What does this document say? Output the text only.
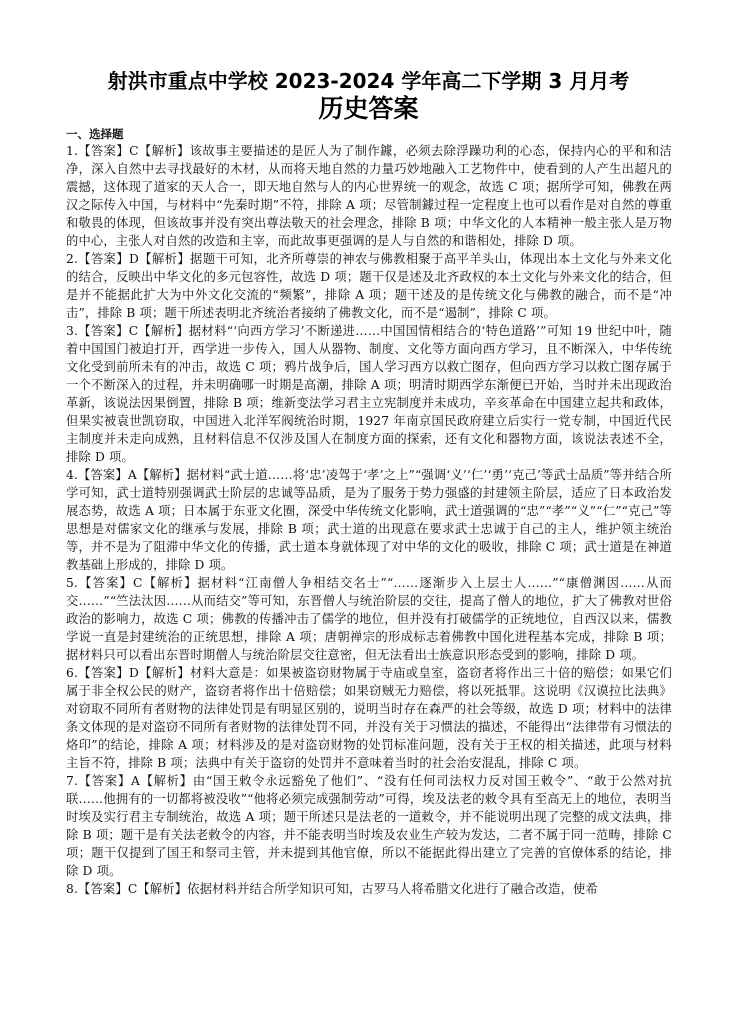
射洪市重点中学校 2023-2024 学年高二下学期 3 月月考
历史答案
一、选择题

1.【答案】C【解析】该故事主要描述的是匠人为了制作鐻，必须去除浮躁功利的心态，保持内心的平和和洁净，深入自然中去寻找最好的木材，从而将天地自然的力量巧妙地融入工艺物件中，使看到的人产生出超凡的震撼，这体现了道家的天人合一，即天地自然与人的内心世界统一的观念，故选 C 项；据所学可知，佛教在两汉之际传入中国，与材料中“先秦时期”不符，排除 A 项；尽管制鐻过程一定程度上也可以看作是对自然的尊重和敬畏的体现，但该故事并没有突出尊法敬天的社会理念，排除 B 项；中华文化的人本精神一般主张人是万物的中心，主张人对自然的改造和主宰，而此故事更强调的是人与自然的和谐相处，排除 D 项。

2.【答案】D【解析】据题干可知，北齐所尊崇的神农与佛教相聚于高平羊头山，体现出本土文化与外来文化的结合，反映出中华文化的多元包容性，故选 D 项；题干仅是述及北齐政权的本土文化与外来文化的结合，但是并不能据此扩大为中外文化交流的“频繁”，排除 A 项；题干述及的是传统文化与佛教的融合，而不是“冲击”，排除 B 项；题干所述表明北齐统治者接纳了佛教文化，而不是“遏制”，排除 C 项。

3.【答案】C【解析】据材料“‘向西方学习’不断递进……中国国情相结合的‘特色道路’”可知 19 世纪中叶，随着中国国门被迫打开，西学进一步传入，国人从器物、制度、文化等方面向西方学习，且不断深入，中华传统文化受到前所未有的冲击，故选 C 项；鸦片战争后，国人学习西方以救亡图存，但向西方学习以救亡图存属于一个不断深入的过程，并未明确哪一时期是高潮，排除 A 项；明清时期西学东渐便已开始，当时并未出现政治革新，该说法因果倒置，排除 B 项；维新变法学习君主立宪制度并未成功，辛亥革命在中国建立起共和政体，但果实被袁世凯窃取，中国进入北洋军阀统治时期，1927 年南京国民政府建立后实行一党专制，中国近代民主制度并未走向成熟，且材料信息不仅涉及国人在制度方面的探索，还有文化和器物方面，该说法表述不全，排除 D 项。

4.【答案】A【解析】据材料“武士道……将‘忠’凌驾于‘孝’之上”“强调‘义’‘仁’‘勇’‘克己’等武士品质”等并结合所学可知，武士道特别强调武士阶层的忠诚等品质，是为了服务于势力强盛的封建领主阶层，适应了日本政治发展态势，故选 A 项；日本属于东亚文化圈，深受中华传统文化影响，武士道强调的“忠”“孝”“义”“仁”“克己”等思想是对儒家文化的继承与发展，排除 B 项；武士道的出现意在要求武士忠诚于自己的主人，维护领主统治等，并不是为了阻滞中华文化的传播，武士道本身就体现了对中华的文化的吸收，排除 C 项；武士道是在神道教基础上形成的，排除 D 项。

5.【答案】C【解析】据材料“江南僧人争相结交名士”“……逐渐步入上层士人……”“康僧渊因……从而交……”“竺法汰因……从而结交”等可知，东晋僧人与统治阶层的交往，提高了僧人的地位，扩大了佛教对世俗政治的影响力，故选 C 项；佛教的传播冲击了儒学的地位，但并没有打破儒学的正统地位，自西汉以来，儒教学说一直是封建统治的正统思想，排除 A 项；唐朝禅宗的形成标志着佛教中国化进程基本完成，排除 B 项；据材料只可以看出东晋时期僧人与统治阶层交往意密，但无法看出士族意识形态受到的影响，排除 D 项。

6.【答案】D【解析】材料大意是：如果被盗窃财物属于寺庙或皇室，盗窃者将作出三十倍的赔偿；如果它们属于非全权公民的财产，盗窃者将作出十倍赔偿；如果窃贼无力赔偿，将以死抵罪。这说明《汉谟拉比法典》对窃取不同所有者财物的法律处罚是有明显区别的，说明当时存在森严的社会等级，故选 D 项；材料中的法律条文体现的是对盗窃不同所有者财物的法律处罚不同，并没有关于习惯法的描述，不能得出“法律带有习惯法的烙印”的结论，排除 A 项；材料涉及的是对盗窃财物的处罚标准问题，没有关于王权的相关描述，此项与材料主旨不符，排除 B 项；法典中有关于盗窃的处罚并不意味着当时的社会治安混乱，排除 C 项。

7.【答案】A【解析】由“国王敕令永远豁免了他们”、“没有任何司法权力反对国王敕令”、“敢于公然对抗联……他拥有的一切都将被没收”“他将必须完成强制劳动”可得，埃及法老的敕令具有至高无上的地位，表明当时埃及实行君主专制统治，故选 A 项；题干所述只是法老的一道敕令，并不能说明出现了完整的成文法典，排除 B 项；题干是有关法老敕令的内容，并不能表明当时埃及农业生产较为发达，二者不属于同一范畴，排除 C 项；题干仅提到了国王和祭司主管，并未提到其他官僚，所以不能据此得出建立了完善的官僚体系的结论，排除 D 项。

8.【答案】C【解析】依据材料并结合所学知识可知，古罗马人将希腊文化进行了融合改造，使希
